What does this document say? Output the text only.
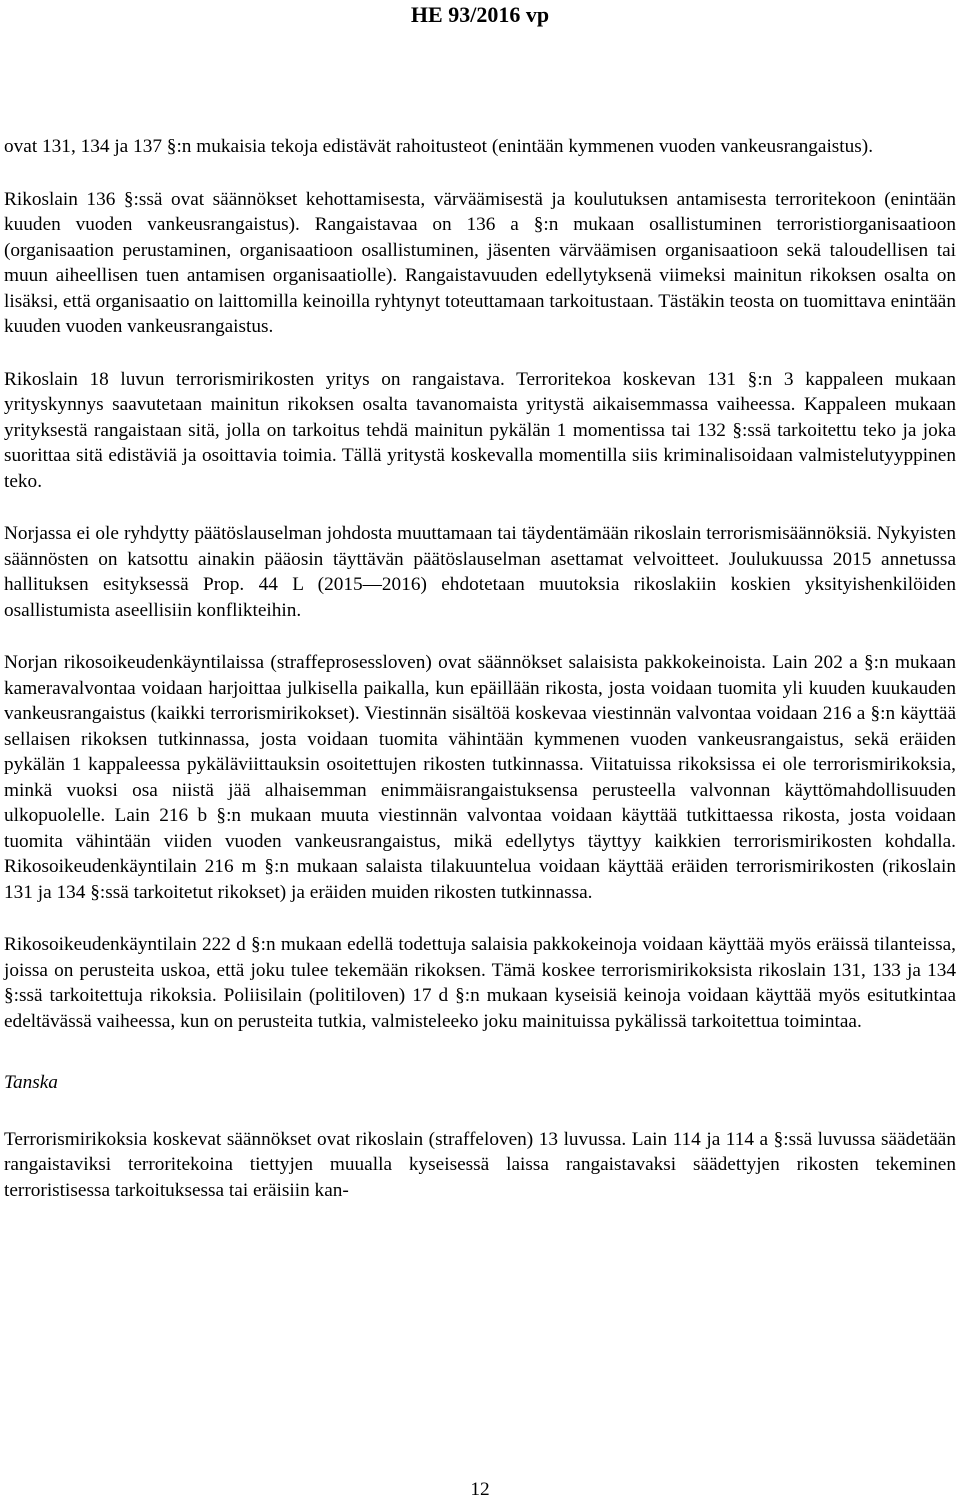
HE 93/2016 vp

ovat 131, 134 ja 137 §:n mukaisia tekoja edistävät rahoitusteot (enintään kymmenen vuoden vankeusrangaistus).

Rikoslain 136 §:ssä ovat säännökset kehottamisesta, värväämisestä ja koulutuksen antamisesta terroritekoon (enintään kuuden vuoden vankeusrangaistus). Rangaistavaa on 136 a §:n mukaan osallistuminen terroristiorganisaatioon (organisaation perustaminen, organisaatioon osallistuminen, jäsenten värväämisen organisaatioon sekä taloudellisen tai muun aiheellisen tuen antamisen organisaatiolle). Rangaistavuuden edellytyksenä viimeksi mainitun rikoksen osalta on lisäksi, että organisaatio on laittomilla keinoilla ryhtynyt toteuttamaan tarkoitustaan. Tästäkin teosta on tuomittava enintään kuuden vuoden vankeusrangaistus.

Rikoslain 18 luvun terrorismirikosten yritys on rangaistava. Terroritekoa koskevan 131 §:n 3 kappaleen mukaan yrityskynnys saavutetaan mainitun rikoksen osalta tavanomaista yritystä aikaisemmassa vaiheessa. Kappaleen mukaan yrityksestä rangaistaan sitä, jolla on tarkoitus tehdä mainitun pykälän 1 momentissa tai 132 §:ssä tarkoitettu teko ja joka suorittaa sitä edistäviä ja osoittavia toimia. Tällä yritystä koskevalla momentilla siis kriminalisoidaan valmistelutyyppinen teko.

Norjassa ei ole ryhdytty päätöslauselman johdosta muuttamaan tai täydentämään rikoslain terrorismisäännöksiä. Nykyisten säännösten on katsottu ainakin pääosin täyttävän päätöslauselman asettamat velvoitteet. Joulukuussa 2015 annetussa hallituksen esityksessä Prop. 44 L (2015—2016) ehdotetaan muutoksia rikoslakiin koskien yksityishenkilöiden osallistumista aseellisiin konflikteihin.

Norjan rikosoikeudenkäyntilaissa (straffeprosessloven) ovat säännökset salaisista pakkokeinoista. Lain 202 a §:n mukaan kameravalvontaa voidaan harjoittaa julkisella paikalla, kun epäillään rikosta, josta voidaan tuomita yli kuuden kuukauden vankeusrangaistus (kaikki terrorismirikokset). Viestinnän sisältöä koskevaa viestinnän valvontaa voidaan 216 a §:n käyttää sellaisen rikoksen tutkinnassa, josta voidaan tuomita vähintään kymmenen vuoden vankeusrangaistus, sekä eräiden pykälän 1 kappaleessa pykäläviittauksin osoitettujen rikosten tutkinnassa. Viitatuissa rikoksissa ei ole terrorismirikoksia, minkä vuoksi osa niistä jää alhaisemman enimmäisrangaistuksensa perusteella valvonnan käyttömahdollisuuden ulkopuolelle. Lain 216 b §:n mukaan muuta viestinnän valvontaa voidaan käyttää tutkittaessa rikosta, josta voidaan tuomita vähintään viiden vuoden vankeusrangaistus, mikä edellytys täyttyy kaikkien terrorismirikosten kohdalla. Rikosoikeudenkäyntilain 216 m §:n mukaan salaista tilakuuntelua voidaan käyttää eräiden terrorismirikosten (rikoslain 131 ja 134 §:ssä tarkoitetut rikokset) ja eräiden muiden rikosten tutkinnassa.

Rikosoikeudenkäyntilain 222 d §:n mukaan edellä todettuja salaisia pakkokeinoja voidaan käyttää myös eräissä tilanteissa, joissa on perusteita uskoa, että joku tulee tekemään rikoksen. Tämä koskee terrorismirikoksista rikoslain 131, 133 ja 134 §:ssä tarkoitettuja rikoksia. Poliisilain (politiloven) 17 d §:n mukaan kyseisiä keinoja voidaan käyttää myös esitutkintaa edeltävässä vaiheessa, kun on perusteita tutkia, valmisteleeko joku mainituissa pykälissä tarkoitettua toimintaa.

Tanska

Terrorismirikoksia koskevat säännökset ovat rikoslain (straffeloven) 13 luvussa. Lain 114 ja 114 a §:ssä luvussa säädetään rangaistaviksi terroritekoina tiettyjen muualla kyseisessä laissa rangaistavaksi säädettyjen rikosten tekeminen terroristisessa tarkoituksessa tai eräisiin kan-

12
